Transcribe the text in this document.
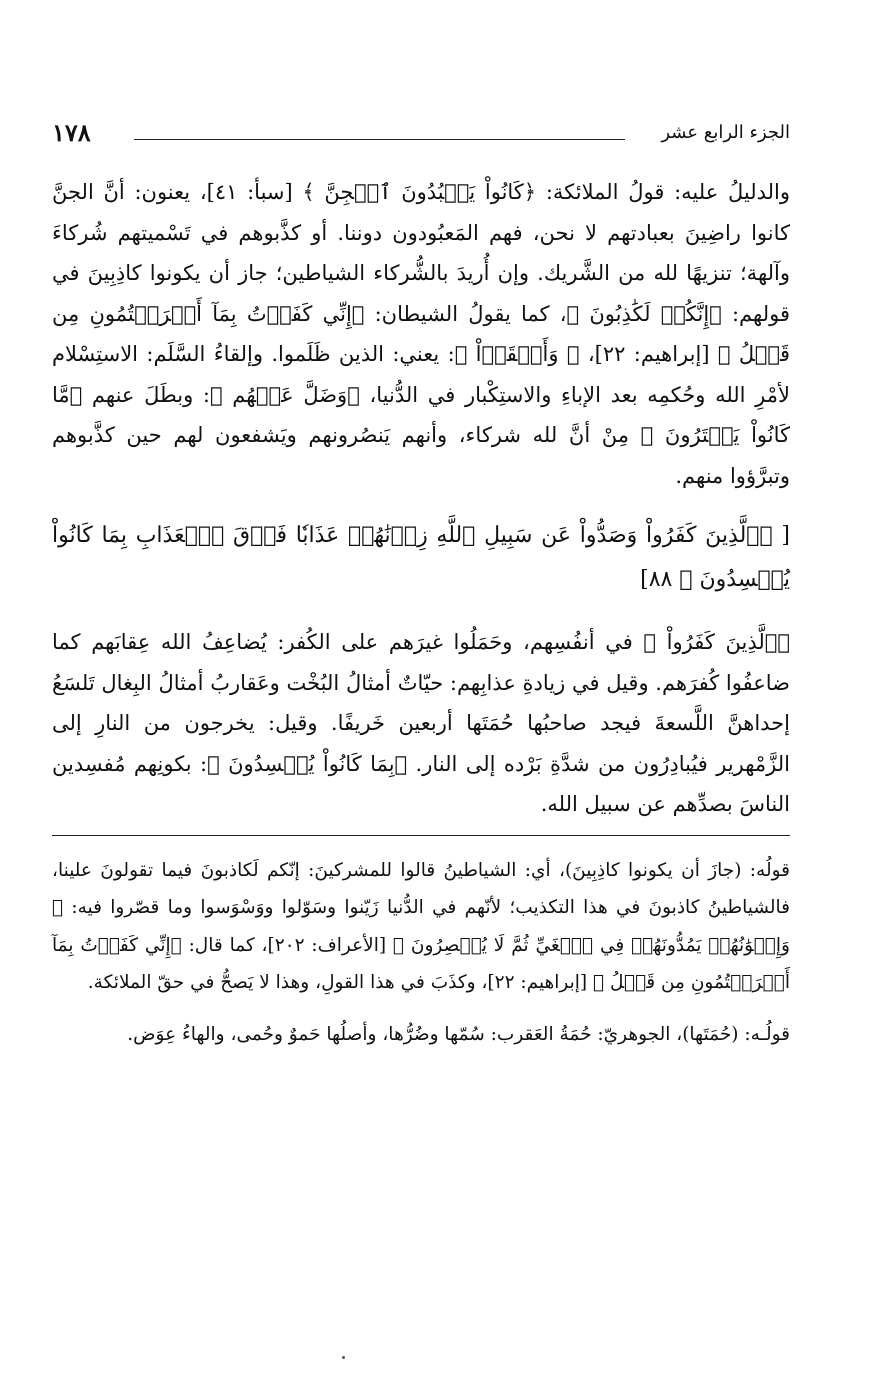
١٧٨	الجزء الرابع عشر

والدليلُ عليه: قولُ الملائكة: ﴿كَانُواْ يَعۡبُدُونَ ٱلۡجِنَّ ﴾ [سبأ: ٤١]، يعنون: أنَّ الجنَّ كانوا راضِينَ بعبادتهم لا نحن، فهم المَعبُودون دوننا. أو كذَّبوهم في تَسْميتهم شُركاءَ وآلهة؛ تنزيهًا لله من الشَّريك. وإن أُريدَ بالشُّركاء الشياطين؛ جاز أن يكونوا كاذِبِينَ في قولهم: ﴿إِنَّكُمۡ لَكَٰذِبُونَ ﴾، كما يقولُ الشيطان: ﴿إِنِّي كَفَرۡتُ بِمَآ أَشۡرَكۡتُمُونِ مِن قَبۡلُ ﴾ [إبراهيم: ٢٢]، ﴿ وَأَلۡقَوۡاْ ﴾: يعني: الذين ظَلَموا. وإلقاءُ السَّلَم: الاستِسْلام لأمْرِ الله وحُكمِه بعد الإباءِ والاستِكْبار في الدُّنيا، ﴿وَضَلَّ عَنۡهُم ﴾: وبطَلَ عنهم ﴿مَّا كَانُواْ يَفۡتَرُونَ ﴾ مِنْ أنَّ لله شركاء، وأنهم يَنصُرونهم ويَشفعون لهم حين كذَّبوهم وتبرَّؤوا منهم.

[ ﴿ٱلَّذِينَ كَفَرُواْ وَصَدُّواْ عَن سَبِيلِ ٱللَّهِ زِدۡنَٰهُمۡ عَذَابٗا فَوۡقَ ٱلۡعَذَابِ بِمَا كَانُواْ يُفۡسِدُونَ ﴾ ٨٨]

﴿ٱلَّذِينَ كَفَرُواْ ﴾ في أنفُسِهم، وحَمَلُوا غيرَهم على الكُفر: يُضاعِفُ الله عِقابَهم كما ضاعفُوا كُفرَهم. وقيل في زيادةِ عذابِهم: حيّاتٌ أمثالُ البُخْت وعَقاربُ أمثالُ البِغال تَلسَعُ إحداهنَّ اللَّسعةَ فيجد صاحبُها حُمَتَها أربعين خَريفًا. وقيل: يخرجون من النارِ إلى الزَّمْهرير فيُبادِرُون من شدَّةِ بَرْده إلى النار. ﴿بِمَا كَانُواْ يُفۡسِدُونَ ﴾: بكونِهم مُفسِدين الناسَ بصدِّهم عن سبيل الله.

قولُه: (جازَ أن يكونوا كاذِبِينَ)، أي: الشياطينُ قالوا للمشركينَ: إنّكم لَكاذبونَ فيما تقولونَ علينا، فالشياطينُ كاذبونَ في هذا التكذيب؛ لأنّهم في الدُّنيا زَيّنوا وسَوّلوا ووَسْوَسوا وما قصّروا فيه: ﴿ وَإِخۡوَٰنُهُمۡ يَمُدُّونَهُمۡ فِي ٱلۡغَيِّ ثُمَّ لَا يُقۡصِرُونَ ﴾ [الأعراف: ٢٠٢]، كما قال: ﴿إِنِّي كَفَرۡتُ بِمَآ أَشۡرَكۡتُمُونِ مِن قَبۡلُ ﴾ [إبراهيم: ٢٢]، وكذَبَ في هذا القولِ، وهذا لا يَصحُّ في حقّ الملائكة.

قولُـه: (حُمَتَها)، الجوهريّ: حُمَةُ العَقرب: سُمّها وضُرُّها، وأصلُها حَموٌ وحُمى، والهاءُ عِوَض.
